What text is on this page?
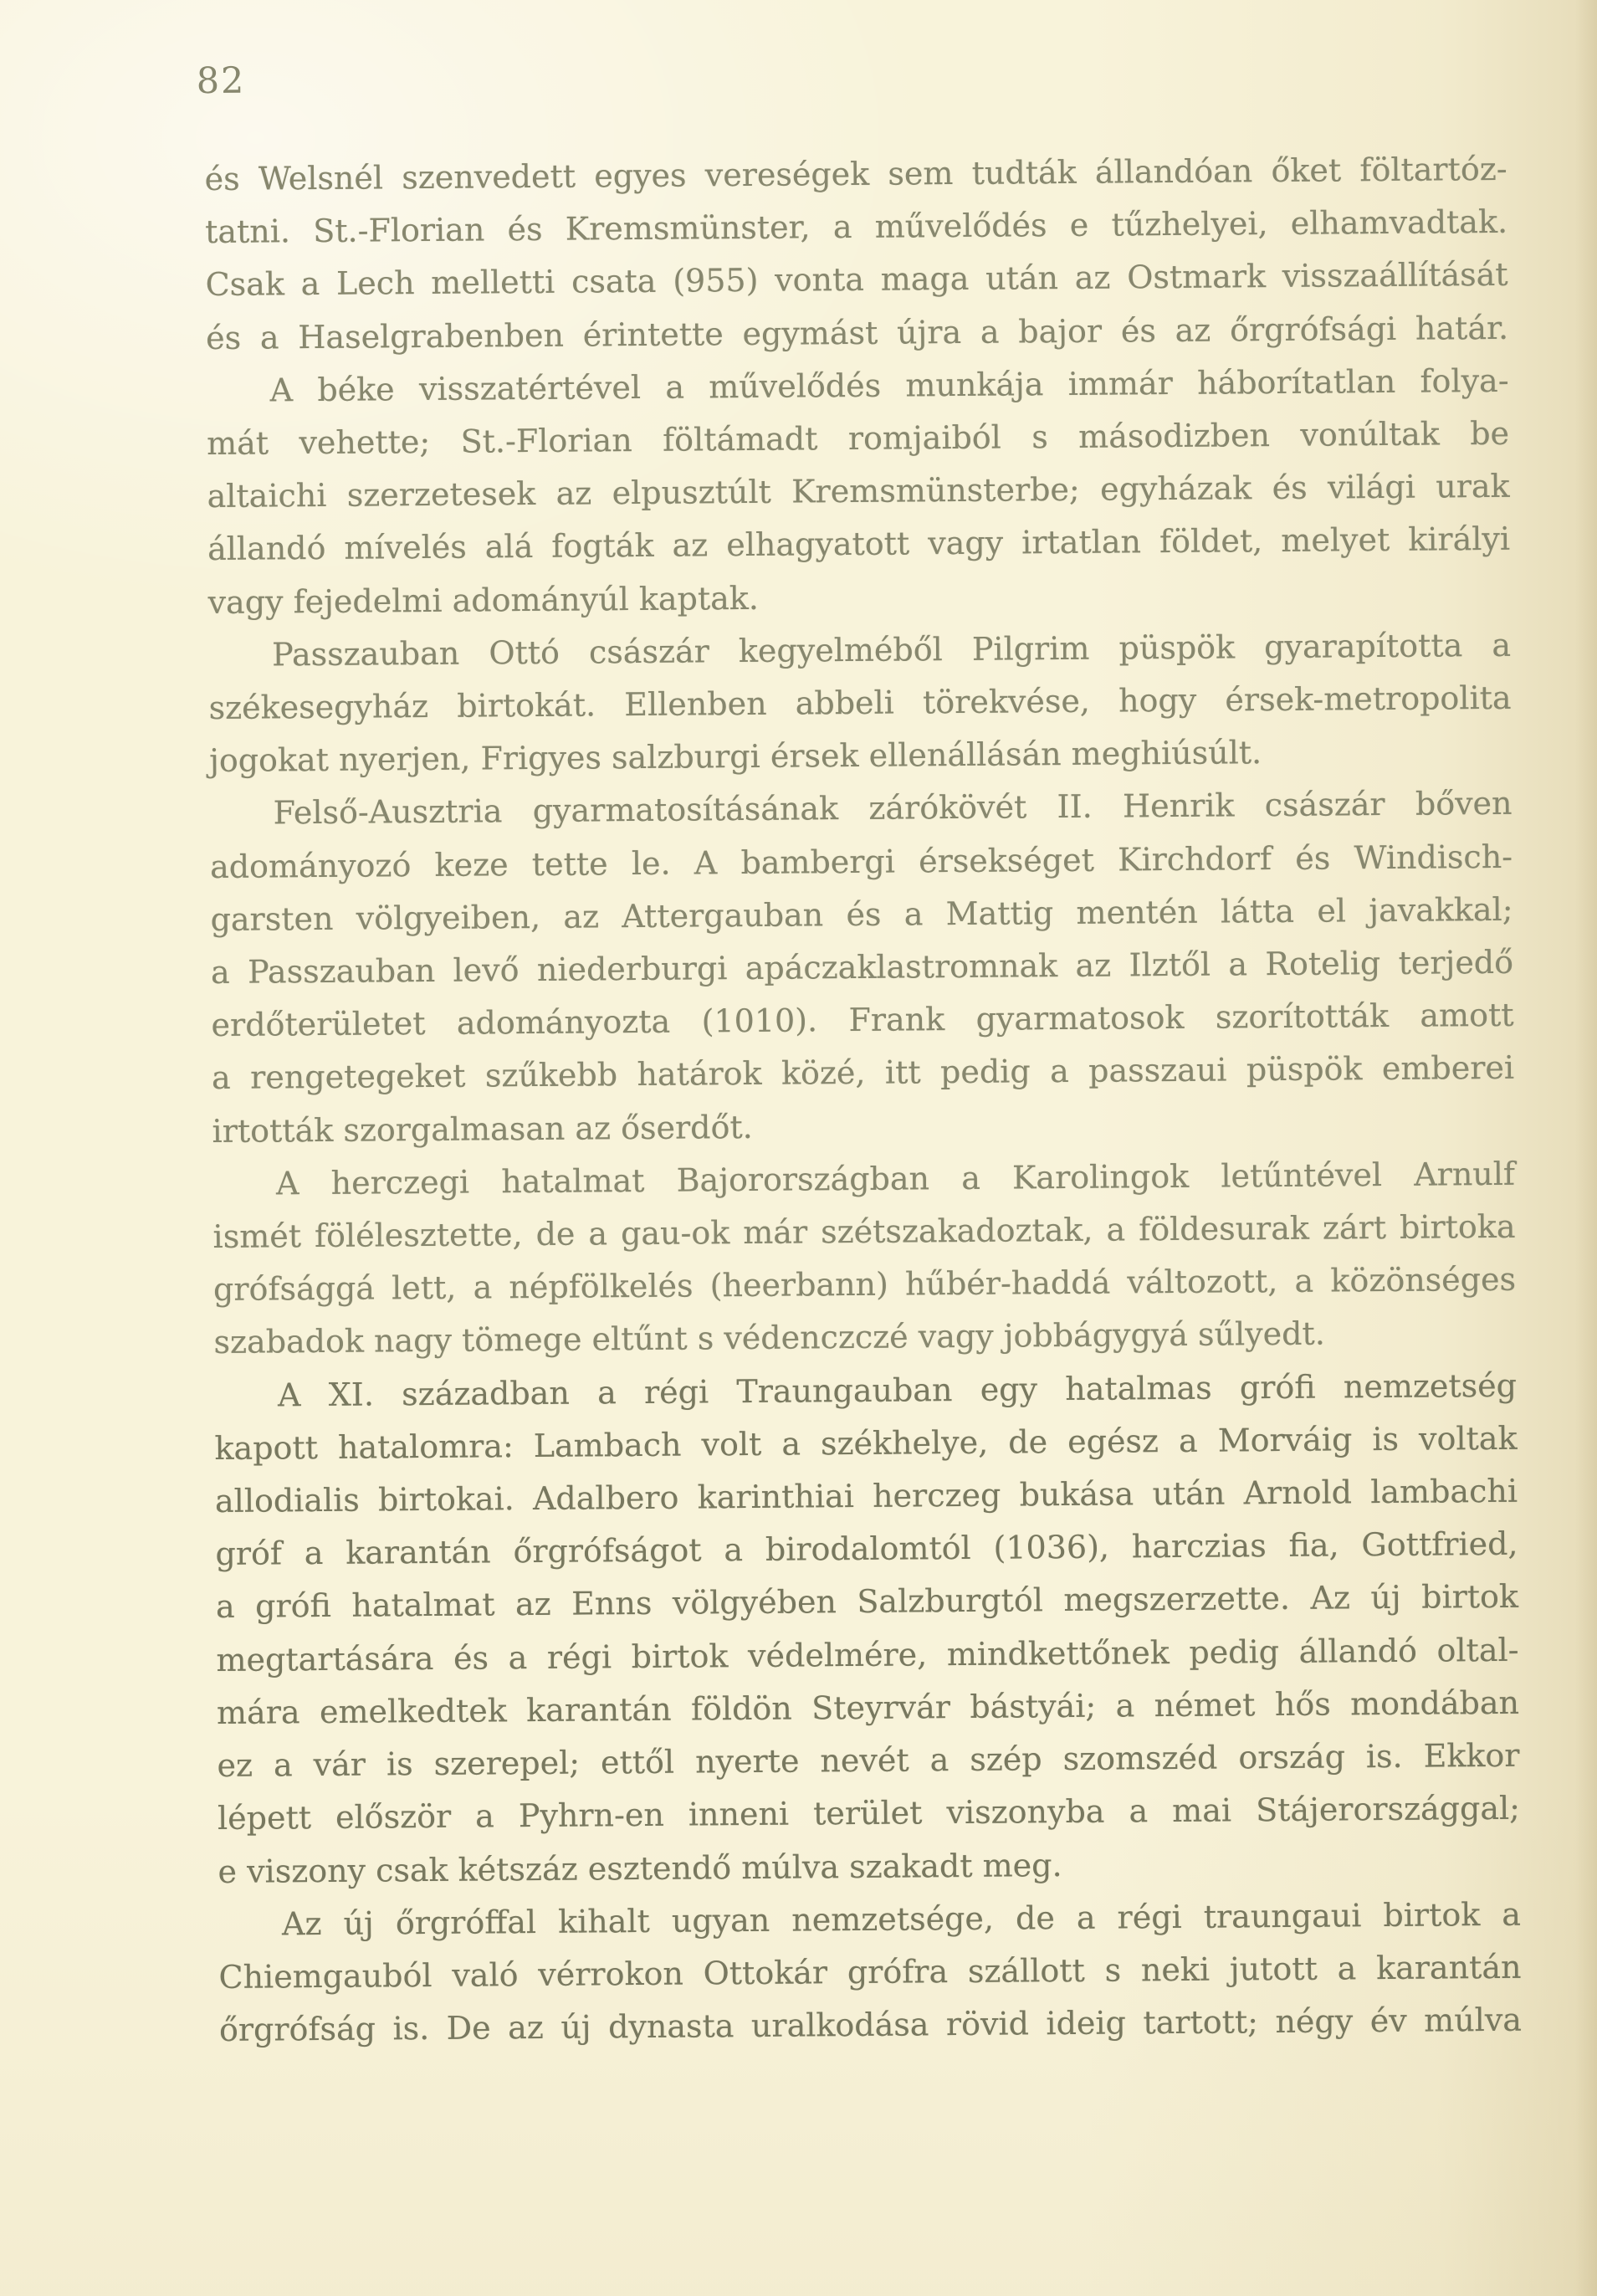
82
és Welsnél szenvedett egyes vereségek sem tudták állandóan őket föltartóz-
tatni. St.-Florian és Kremsmünster, a művelődés e tűzhelyei, elhamvadtak.
Csak a Lech melletti csata (955) vonta maga után az Ostmark visszaállítását
és a Haselgrabenben érintette egymást újra a bajor és az őrgrófsági határ.
A béke visszatértével a művelődés munkája immár háborítatlan folya-
mát vehette; St.-Florian föltámadt romjaiból s másodizben vonúltak be
altaichi szerzetesek az elpusztúlt Kremsmünsterbe; egyházak és világi urak
állandó mívelés alá fogták az elhagyatott vagy irtatlan földet, melyet királyi
vagy fejedelmi adományúl kaptak.
Passzauban Ottó császár kegyelméből Pilgrim püspök gyarapította a
székesegyház birtokát. Ellenben abbeli törekvése, hogy érsek-metropolita
jogokat nyerjen, Frigyes salzburgi érsek ellenállásán meghiúsúlt.
Felső-Ausztria gyarmatosításának zárókövét II. Henrik császár bőven
adományozó keze tette le. A bambergi érsekséget Kirchdorf és Windisch-
garsten völgyeiben, az Attergauban és a Mattig mentén látta el javakkal;
a Passzauban levő niederburgi apáczaklastromnak az Ilztől a Rotelig terjedő
erdőterületet adományozta (1010). Frank gyarmatosok szorították amott
a rengetegeket szűkebb határok közé, itt pedig a passzaui püspök emberei
irtották szorgalmasan az őserdőt.
A herczegi hatalmat Bajorországban a Karolingok letűntével Arnulf
ismét fölélesztette, de a gau-ok már szétszakadoztak, a földesurak zárt birtoka
grófsággá lett, a népfölkelés (heerbann) hűbér-haddá változott, a közönséges
szabadok nagy tömege eltűnt s védenczczé vagy jobbágygyá sűlyedt.
A XI. században a régi Traungauban egy hatalmas grófi nemzetség
kapott hatalomra: Lambach volt a székhelye, de egész a Morváig is voltak
allodialis birtokai. Adalbero karinthiai herczeg bukása után Arnold lambachi
gróf a karantán őrgrófságot a birodalomtól (1036), harczias fia, Gottfried,
a grófi hatalmat az Enns völgyében Salzburgtól megszerzette. Az új birtok
megtartására és a régi birtok védelmére, mindkettőnek pedig állandó oltal-
mára emelkedtek karantán földön Steyrvár bástyái; a német hős mondában
ez a vár is szerepel; ettől nyerte nevét a szép szomszéd ország is. Ekkor
lépett először a Pyhrn-en inneni terület viszonyba a mai Stájerországgal;
e viszony csak kétszáz esztendő múlva szakadt meg.
Az új őrgróffal kihalt ugyan nemzetsége, de a régi traungaui birtok a
Chiemgauból való vérrokon Ottokár grófra szállott s neki jutott a karantán
őrgrófság is. De az új dynasta uralkodása rövid ideig tartott; négy év múlva
